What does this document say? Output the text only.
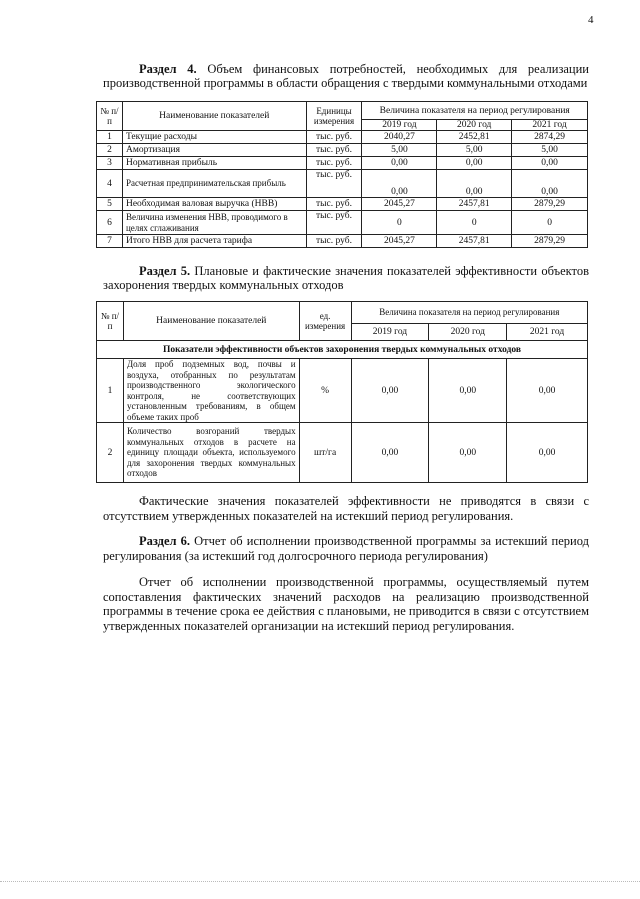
4
Раздел 4. Объем финансовых потребностей, необходимых для реализации производственной программы в области обращения с твердыми коммунальными отходами
№ п/п	Наименование показателей	Единицы измерения	Величина показателя на период регулирования		
			2019 год	2020 год	2021 год
1	Текущие расходы	тыс. руб.	2040,27	2452,81	2874,29
2	Амортизация	тыс. руб.	5,00	5,00	5,00
3	Нормативная прибыль	тыс. руб.	0,00	0,00	0,00
4	Расчетная предпринимательская прибыль	тыс. руб.	0,00	0,00	0,00
5	Необходимая валовая выручка (НВВ)	тыс. руб.	2045,27	2457,81	2879,29
6	Величина изменения НВВ, проводимого в целях сглаживания	тыс. руб.	0	0	0
7	Итого НВВ для расчета тарифа	тыс. руб.	2045,27	2457,81	2879,29
Раздел 5. Плановые и фактические значения показателей эффективности объектов захоронения твердых коммунальных отходов
№ п/п	Наименование показателей	ед. измерения	Величина показателя на период регулирования		
			2019 год	2020 год	2021 год
Показатели эффективности объектов захоронения твердых коммунальных отходов					
1	Доля проб подземных вод, почвы и воздуха, отобранных по результатам производственного экологического контроля, не соответствующих установленным требованиям, в общем объеме таких проб	%	0,00	0,00	0,00
2	Количество возгораний твердых коммунальных отходов в расчете на единицу площади объекта, используемого для захоронения твердых коммунальных отходов	шт/га	0,00	0,00	0,00
Фактические значения показателей эффективности не приводятся в связи с отсутствием утвержденных показателей на истекший период регулирования.
Раздел 6. Отчет об исполнении производственной программы за истекший период регулирования (за истекший год долгосрочного периода регулирования)
Отчет об исполнении производственной программы, осуществляемый путем сопоставления фактических значений расходов на реализацию производственной программы в течение срока ее действия с плановыми, не приводится в связи с отсутствием утвержденных показателей организации на истекший период регулирования.
